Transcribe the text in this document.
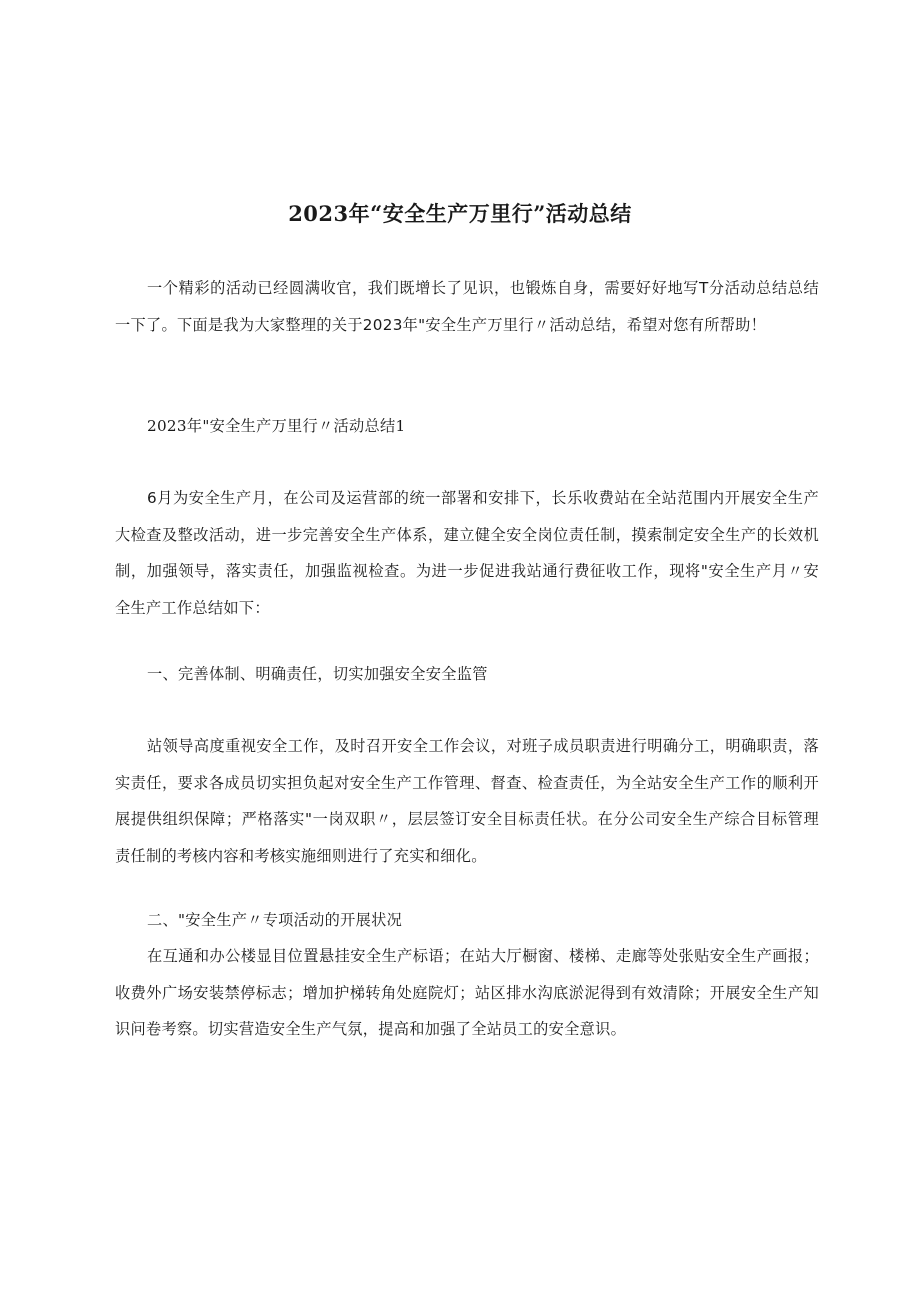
2023年“安全生产万里行”活动总结

一个精彩的活动已经圆满收官，我们既增长了见识，也锻炼自身，需要好好地写T分活动总结总结一下了。下面是我为大家整理的关于2023年"安全生产万里行〃活动总结，希望对您有所帮助！

2023年"安全生产万里行〃活动总结1

6月为安全生产月，在公司及运营部的统一部署和安排下，长乐收费站在全站范围内开展安全生产大检查及整改活动，进一步完善安全生产体系，建立健全安全岗位责任制，摸索制定安全生产的长效机制，加强领导，落实责任，加强监视检查。为进一步促进我站通行费征收工作，现将"安全生产月〃安全生产工作总结如下：

一、完善体制、明确责任，切实加强安全安全监管

站领导高度重视安全工作，及时召开安全工作会议，对班子成员职责进行明确分工，明确职责，落实责任，要求各成员切实担负起对安全生产工作管理、督查、检查责任，为全站安全生产工作的顺利开展提供组织保障；严格落实"一岗双职〃，层层签订安全目标责任状。在分公司安全生产综合目标管理责任制的考核内容和考核实施细则进行了充实和细化。

二、"安全生产〃专项活动的开展状况

在互通和办公楼显目位置悬挂安全生产标语；在站大厅橱窗、楼梯、走廊等处张贴安全生产画报；收费外广场安装禁停标志；增加护梯转角处庭院灯；站区排水沟底淤泥得到有效清除；开展安全生产知识问卷考察。切实营造安全生产气氛，提高和加强了全站员工的安全意识。
